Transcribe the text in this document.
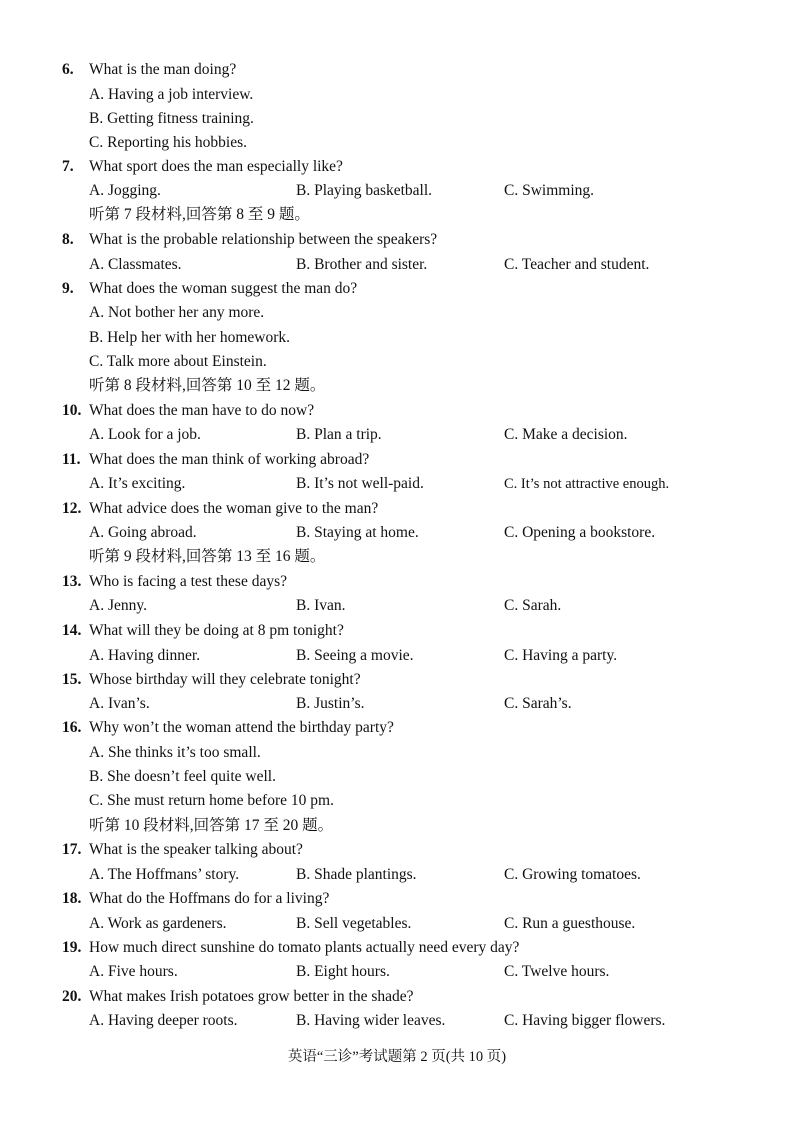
6. What is the man doing?
A. Having a job interview.
B. Getting fitness training.
C. Reporting his hobbies.
7. What sport does the man especially like?
A. Jogging.	B. Playing basketball.	C. Swimming.
听第 7 段材料,回答第 8 至 9 题。
8. What is the probable relationship between the speakers?
A. Classmates.	B. Brother and sister.	C. Teacher and student.
9. What does the woman suggest the man do?
A. Not bother her any more.
B. Help her with her homework.
C. Talk more about Einstein.
听第 8 段材料,回答第 10 至 12 题。
10. What does the man have to do now?
A. Look for a job.	B. Plan a trip.	C. Make a decision.
11. What does the man think of working abroad?
A. It’s exciting.	B. It’s not well-paid.	C. It’s not attractive enough.
12. What advice does the woman give to the man?
A. Going abroad.	B. Staying at home.	C. Opening a bookstore.
听第 9 段材料,回答第 13 至 16 题。
13. Who is facing a test these days?
A. Jenny.	B. Ivan.	C. Sarah.
14. What will they be doing at 8 pm tonight?
A. Having dinner.	B. Seeing a movie.	C. Having a party.
15. Whose birthday will they celebrate tonight?
A. Ivan’s.	B. Justin’s.	C. Sarah’s.
16. Why won’t the woman attend the birthday party?
A. She thinks it’s too small.
B. She doesn’t feel quite well.
C. She must return home before 10 pm.
听第 10 段材料,回答第 17 至 20 题。
17. What is the speaker talking about?
A. The Hoffmans’ story.	B. Shade plantings.	C. Growing tomatoes.
18. What do the Hoffmans do for a living?
A. Work as gardeners.	B. Sell vegetables.	C. Run a guesthouse.
19. How much direct sunshine do tomato plants actually need every day?
A. Five hours.	B. Eight hours.	C. Twelve hours.
20. What makes Irish potatoes grow better in the shade?
A. Having deeper roots.	B. Having wider leaves.	C. Having bigger flowers.
英语“三诊”考试题第 2 页(共 10 页)
